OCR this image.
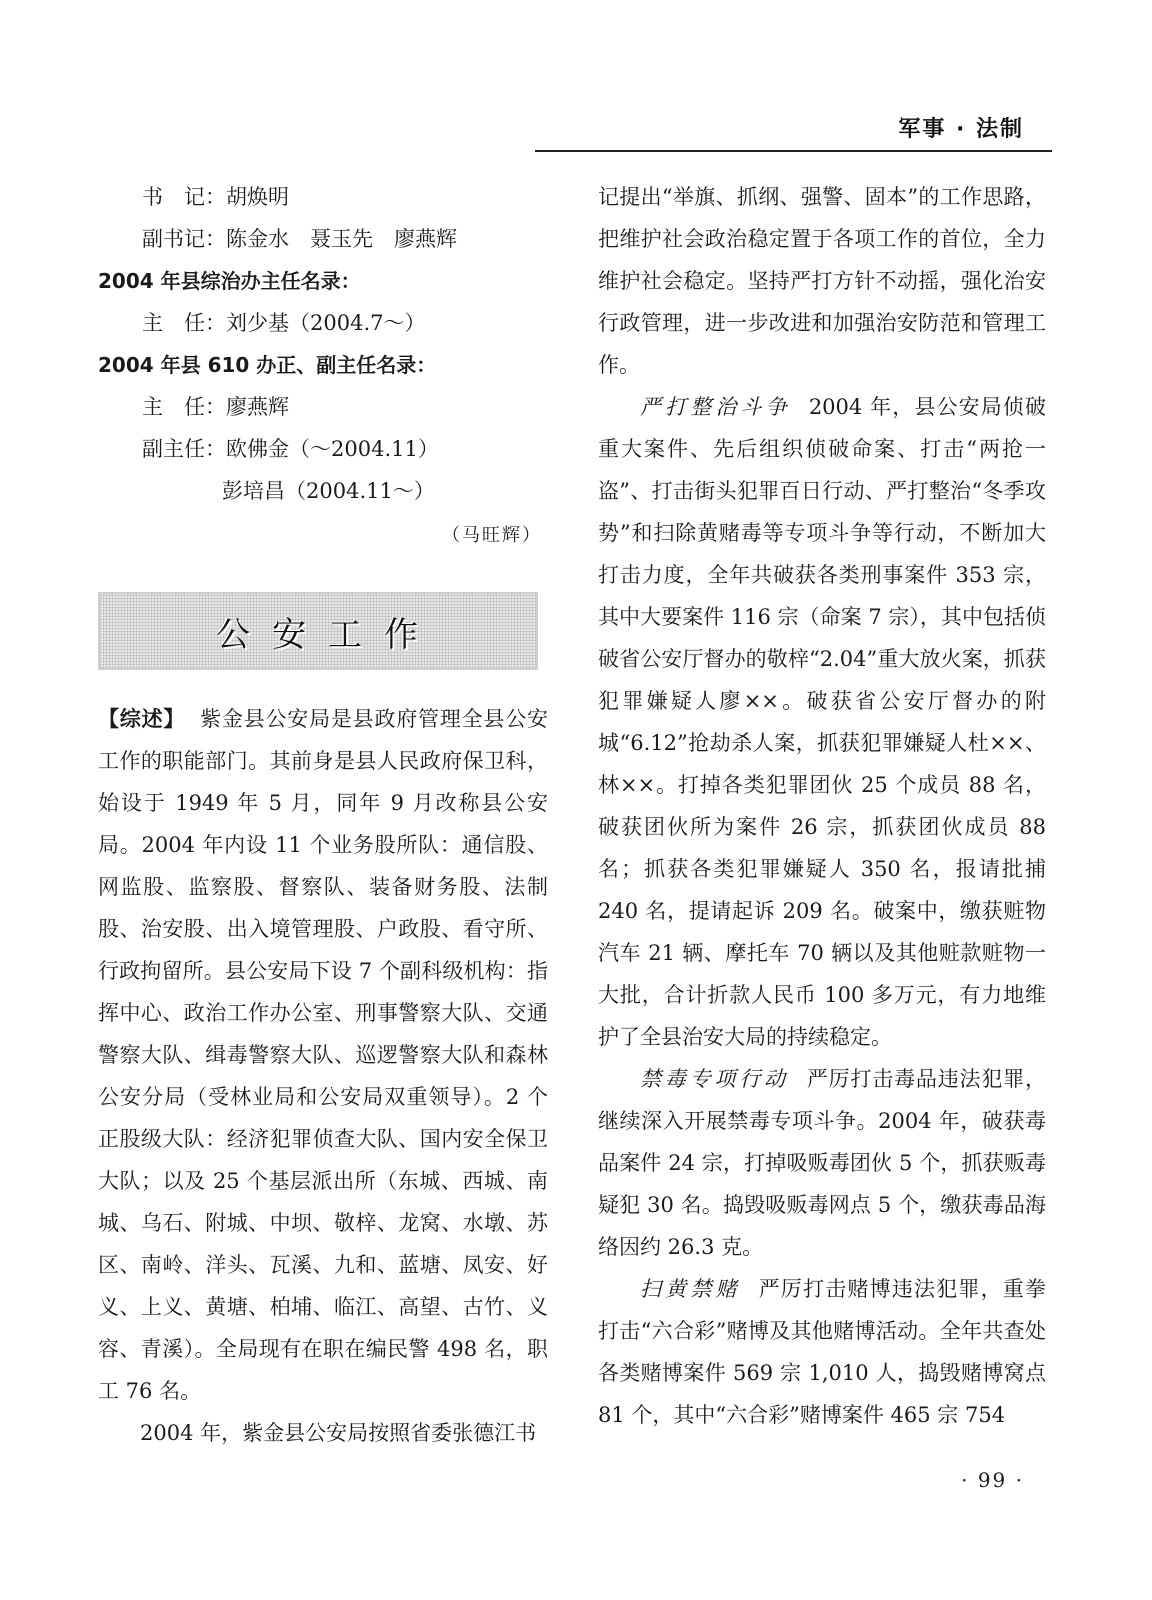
军事 · 法制
书　记：胡焕明
副书记：陈金水　聂玉先　廖燕辉
2004 年县综治办主任名录：
主　任：刘少基（2004.7～）
2004 年县 610 办正、副主任名录：
主　任：廖燕辉
副主任：欧佛金（～2004.11）
彭培昌（2004.11～）
（马旺辉）
公安工作

【综述】 紫金县公安局是县政府管理全县公安工作的职能部门。其前身是县人民政府保卫科，始设于 1949 年 5 月，同年 9 月改称县公安局。2004 年内设 11 个业务股所队：通信股、网监股、监察股、督察队、装备财务股、法制股、治安股、出入境管理股、户政股、看守所、行政拘留所。县公安局下设 7 个副科级机构：指挥中心、政治工作办公室、刑事警察大队、交通警察大队、缉毒警察大队、巡逻警察大队和森林公安分局（受林业局和公安局双重领导）。2 个正股级大队：经济犯罪侦查大队、国内安全保卫大队；以及 25 个基层派出所（东城、西城、南城、乌石、附城、中坝、敬梓、龙窝、水墩、苏区、南岭、洋头、瓦溪、九和、蓝塘、凤安、好义、上义、黄塘、柏埔、临江、高望、古竹、义容、青溪）。全局现有在职在编民警 498 名，职工 76 名。

2004 年，紫金县公安局按照省委张德江书

记提出“举旗、抓纲、强警、固本”的工作思路，把维护社会政治稳定置于各项工作的首位，全力维护社会稳定。坚持严打方针不动摇，强化治安行政管理，进一步改进和加强治安防范和管理工作。

严打整治斗争 2004 年，县公安局侦破重大案件、先后组织侦破命案、打击“两抢一盗”、打击街头犯罪百日行动、严打整治“冬季攻势”和扫除黄赌毒等专项斗争等行动，不断加大打击力度，全年共破获各类刑事案件 353 宗，其中大要案件 116 宗（命案 7 宗），其中包括侦破省公安厅督办的敬梓“2.04”重大放火案，抓获犯罪嫌疑人廖××。破获省公安厅督办的附城“6.12”抢劫杀人案，抓获犯罪嫌疑人杜××、林××。打掉各类犯罪团伙 25 个成员 88 名，破获团伙所为案件 26 宗，抓获团伙成员 88 名；抓获各类犯罪嫌疑人 350 名，报请批捕 240 名，提请起诉 209 名。破案中，缴获赃物汽车 21 辆、摩托车 70 辆以及其他赃款赃物一大批，合计折款人民币 100 多万元，有力地维护了全县治安大局的持续稳定。

禁毒专项行动 严厉打击毒品违法犯罪，继续深入开展禁毒专项斗争。2004 年，破获毒品案件 24 宗，打掉吸贩毒团伙 5 个，抓获贩毒疑犯 30 名。捣毁吸贩毒网点 5 个，缴获毒品海络因约 26.3 克。

扫黄禁赌 严厉打击赌博违法犯罪，重拳打击“六合彩”赌博及其他赌博活动。全年共查处各类赌博案件 569 宗 1,010 人，捣毁赌博窝点 81 个，其中“六合彩”赌博案件 465 宗 754

· 99 ·
